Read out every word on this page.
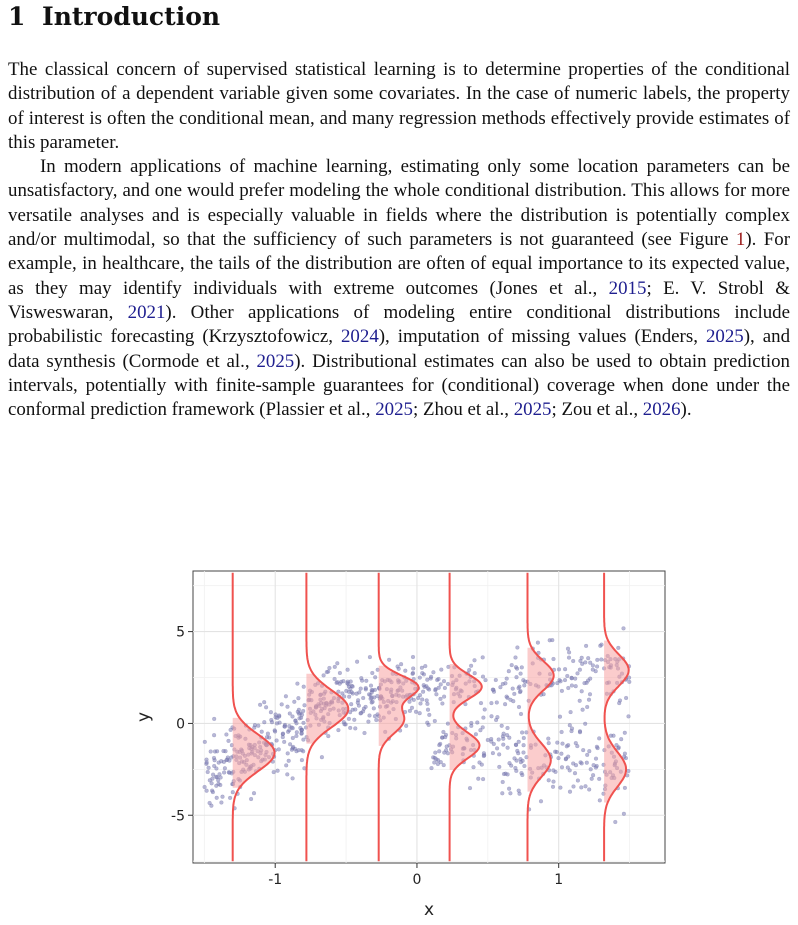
1 Introduction

The classical concern of supervised statistical learning is to determine properties of the conditional distribution of a dependent variable given some covariates. In the case of numeric labels, the property of interest is often the conditional mean, and many regression methods effectively provide estimates of this parameter.

In modern applications of machine learning, estimating only some location parameters can be unsatisfactory, and one would prefer modeling the whole conditional distribution. This allows for more versatile analyses and is especially valuable in fields where the distribution is potentially complex and/or multimodal, so that the sufficiency of such parameters is not guaranteed (see Figure 1). For example, in healthcare, the tails of the distribution are often of equal importance to its expected value, as they may identify individuals with extreme outcomes (Jones et al., 2015; E. V. Strobl & Visweswaran, 2021). Other applications of modeling entire conditional distributions include probabilistic forecasting (Krzysztofowicz, 2024), imputation of missing values (Enders, 2025), and data synthesis (Cormode et al., 2025). Distributional estimates can also be used to obtain prediction intervals, potentially with finite-sample guarantees for (conditional) coverage when done under the conformal prediction framework (Plassier et al., 2025; Zhou et al., 2025; Zou et al., 2026).

-1	0	1
-5
0
5
x
y
